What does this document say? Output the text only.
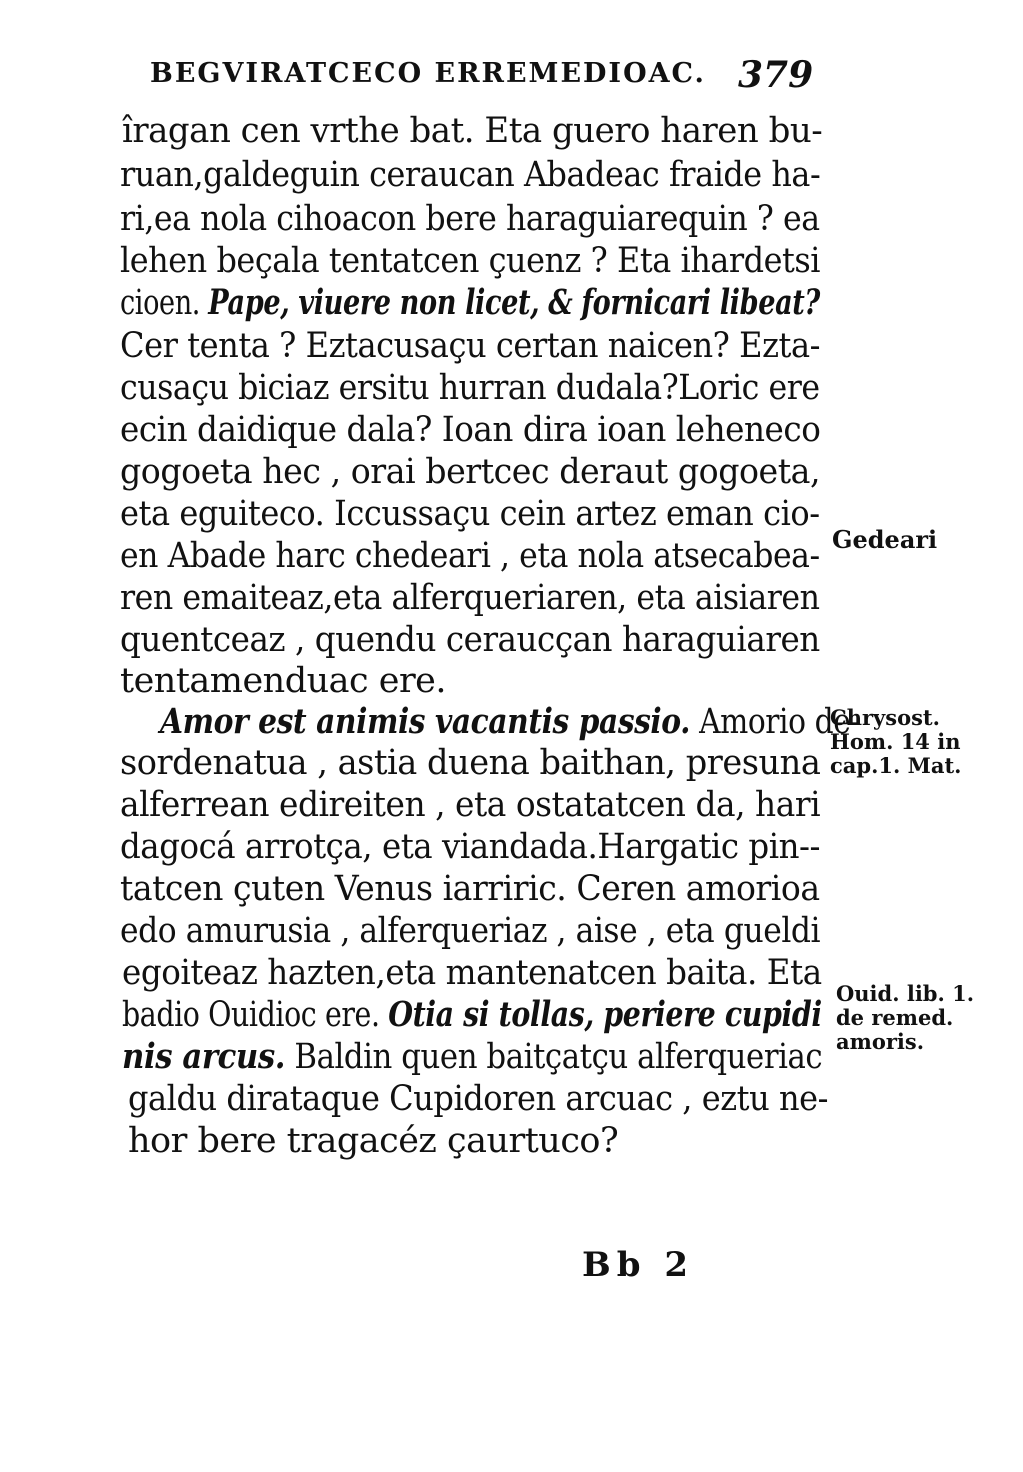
BEGVIRATCECO ERREMEDIOAC. 379
îragan cen vrthe bat. Eta guero haren bu-
ruan,galdeguin ceraucan Abadeac fraide ha-
ri,ea nola cihoacon bere haraguiarequin ? ea
lehen beçala tentatcen çuenz ? Eta ihardetsi
cioen. Pape, viuere non licet, & fornicari libeat?
Cer tenta ? Eztacusaçu certan naicen? Ezta-
cusaçu biciaz ersitu hurran dudala?Loric ere
ecin daidique dala? Ioan dira ioan leheneco
gogoeta hec , orai bertcec deraut gogoeta,
eta eguiteco. Iccussaçu cein artez eman cio-
en Abade harc chedeari , eta nola atsecabea-
ren emaiteaz,eta alferqueriaren, eta aisiaren
quentceaz , quendu ceraucçan haraguiaren
tentamenduac ere.
Amor est animis vacantis passio. Amorio de-
sordenatua , astia duena baithan, presuna
alferrean edireiten , eta ostatatcen da, hari
dagocá arrotça, eta viandada.Hargatic pin--
tatcen çuten Venus iarriric. Ceren amorioa
edo amurusia , alferqueriaz , aise , eta gueldi
egoiteaz hazten,eta mantenatcen baita. Eta
badio Ouidioc ere. Otia si tollas, periere cupidi
nis arcus. Baldin quen baitçatçu alferqueriac
galdu dirataque Cupidoren arcuac , eztu ne-
hor bere tragacéz çaurtuco?
Gedeari
Chrysost.
Hom. 14 in
cap.1. Mat.
Ouid. lib. 1.
de remed.
amoris.
Bb 2
